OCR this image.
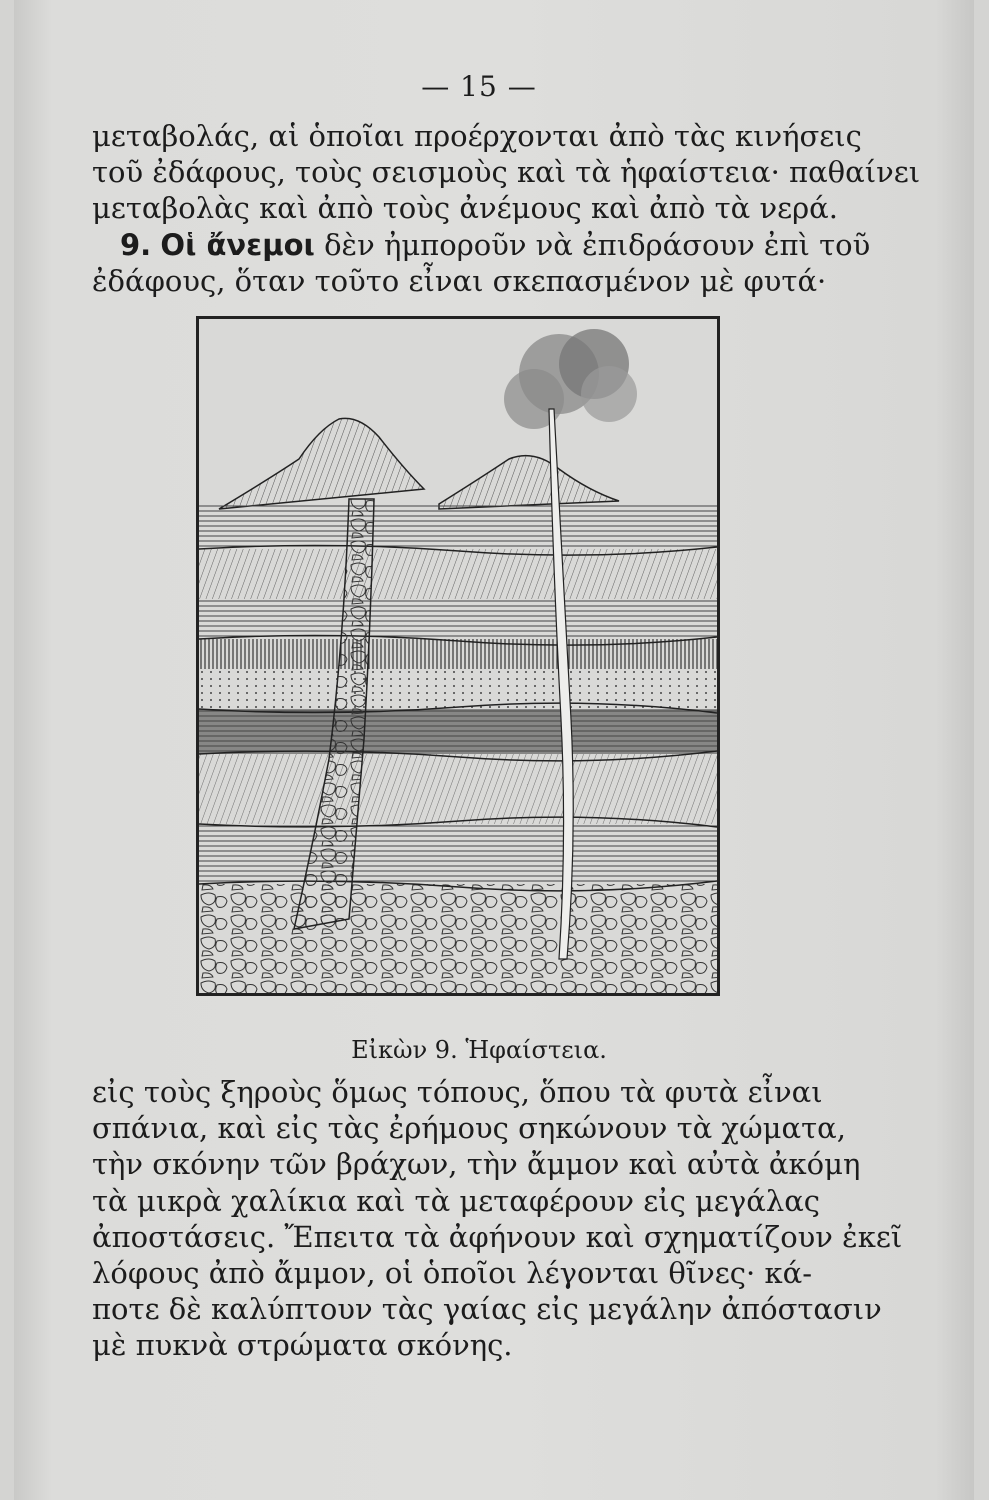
— 15 —
μεταβολάς, αἱ ὁποῖαι προέρχονται ἀπὸ τὰς κινήσεις
τοῦ ἐδάφους, τοὺς σεισμοὺς καὶ τὰ ἡφαίστεια· παθαίνει
μεταβολὰς καὶ ἀπὸ τοὺς ἀνέμους καὶ ἀπὸ τὰ νερά.
9. Οἱ ἄνεμοι δὲν ἠμποροῦν νὰ ἐπιδράσουν ἐπὶ τοῦ
ἐδάφους, ὅταν τοῦτο εἶναι σκεπασμένον μὲ φυτά·
Εἰκὼν 9. Ἡφαίστεια.
εἰς τοὺς ξηροὺς ὅμως τόπους, ὅπου τὰ φυτὰ εἶναι
σπάνια, καὶ εἰς τὰς ἐρήμους σηκώνουν τὰ χώματα,
τὴν σκόνην τῶν βράχων, τὴν ἄμμον καὶ αὐτὰ ἀκόμη
τὰ μικρὰ χαλίκια καὶ τὰ μεταφέρουν εἰς μεγάλας
ἀποστάσεις. Ἔπειτα τὰ ἀφήνουν καὶ σχηματίζουν ἐκεῖ
λόφους ἀπὸ ἄμμον, οἱ ὁποῖοι λέγονται θῖνες· κά-
ποτε δὲ καλύπτουν τὰς γαίας εἰς μεγάλην ἀπόστασιν
μὲ πυκνὰ στρώματα σκόνης.
